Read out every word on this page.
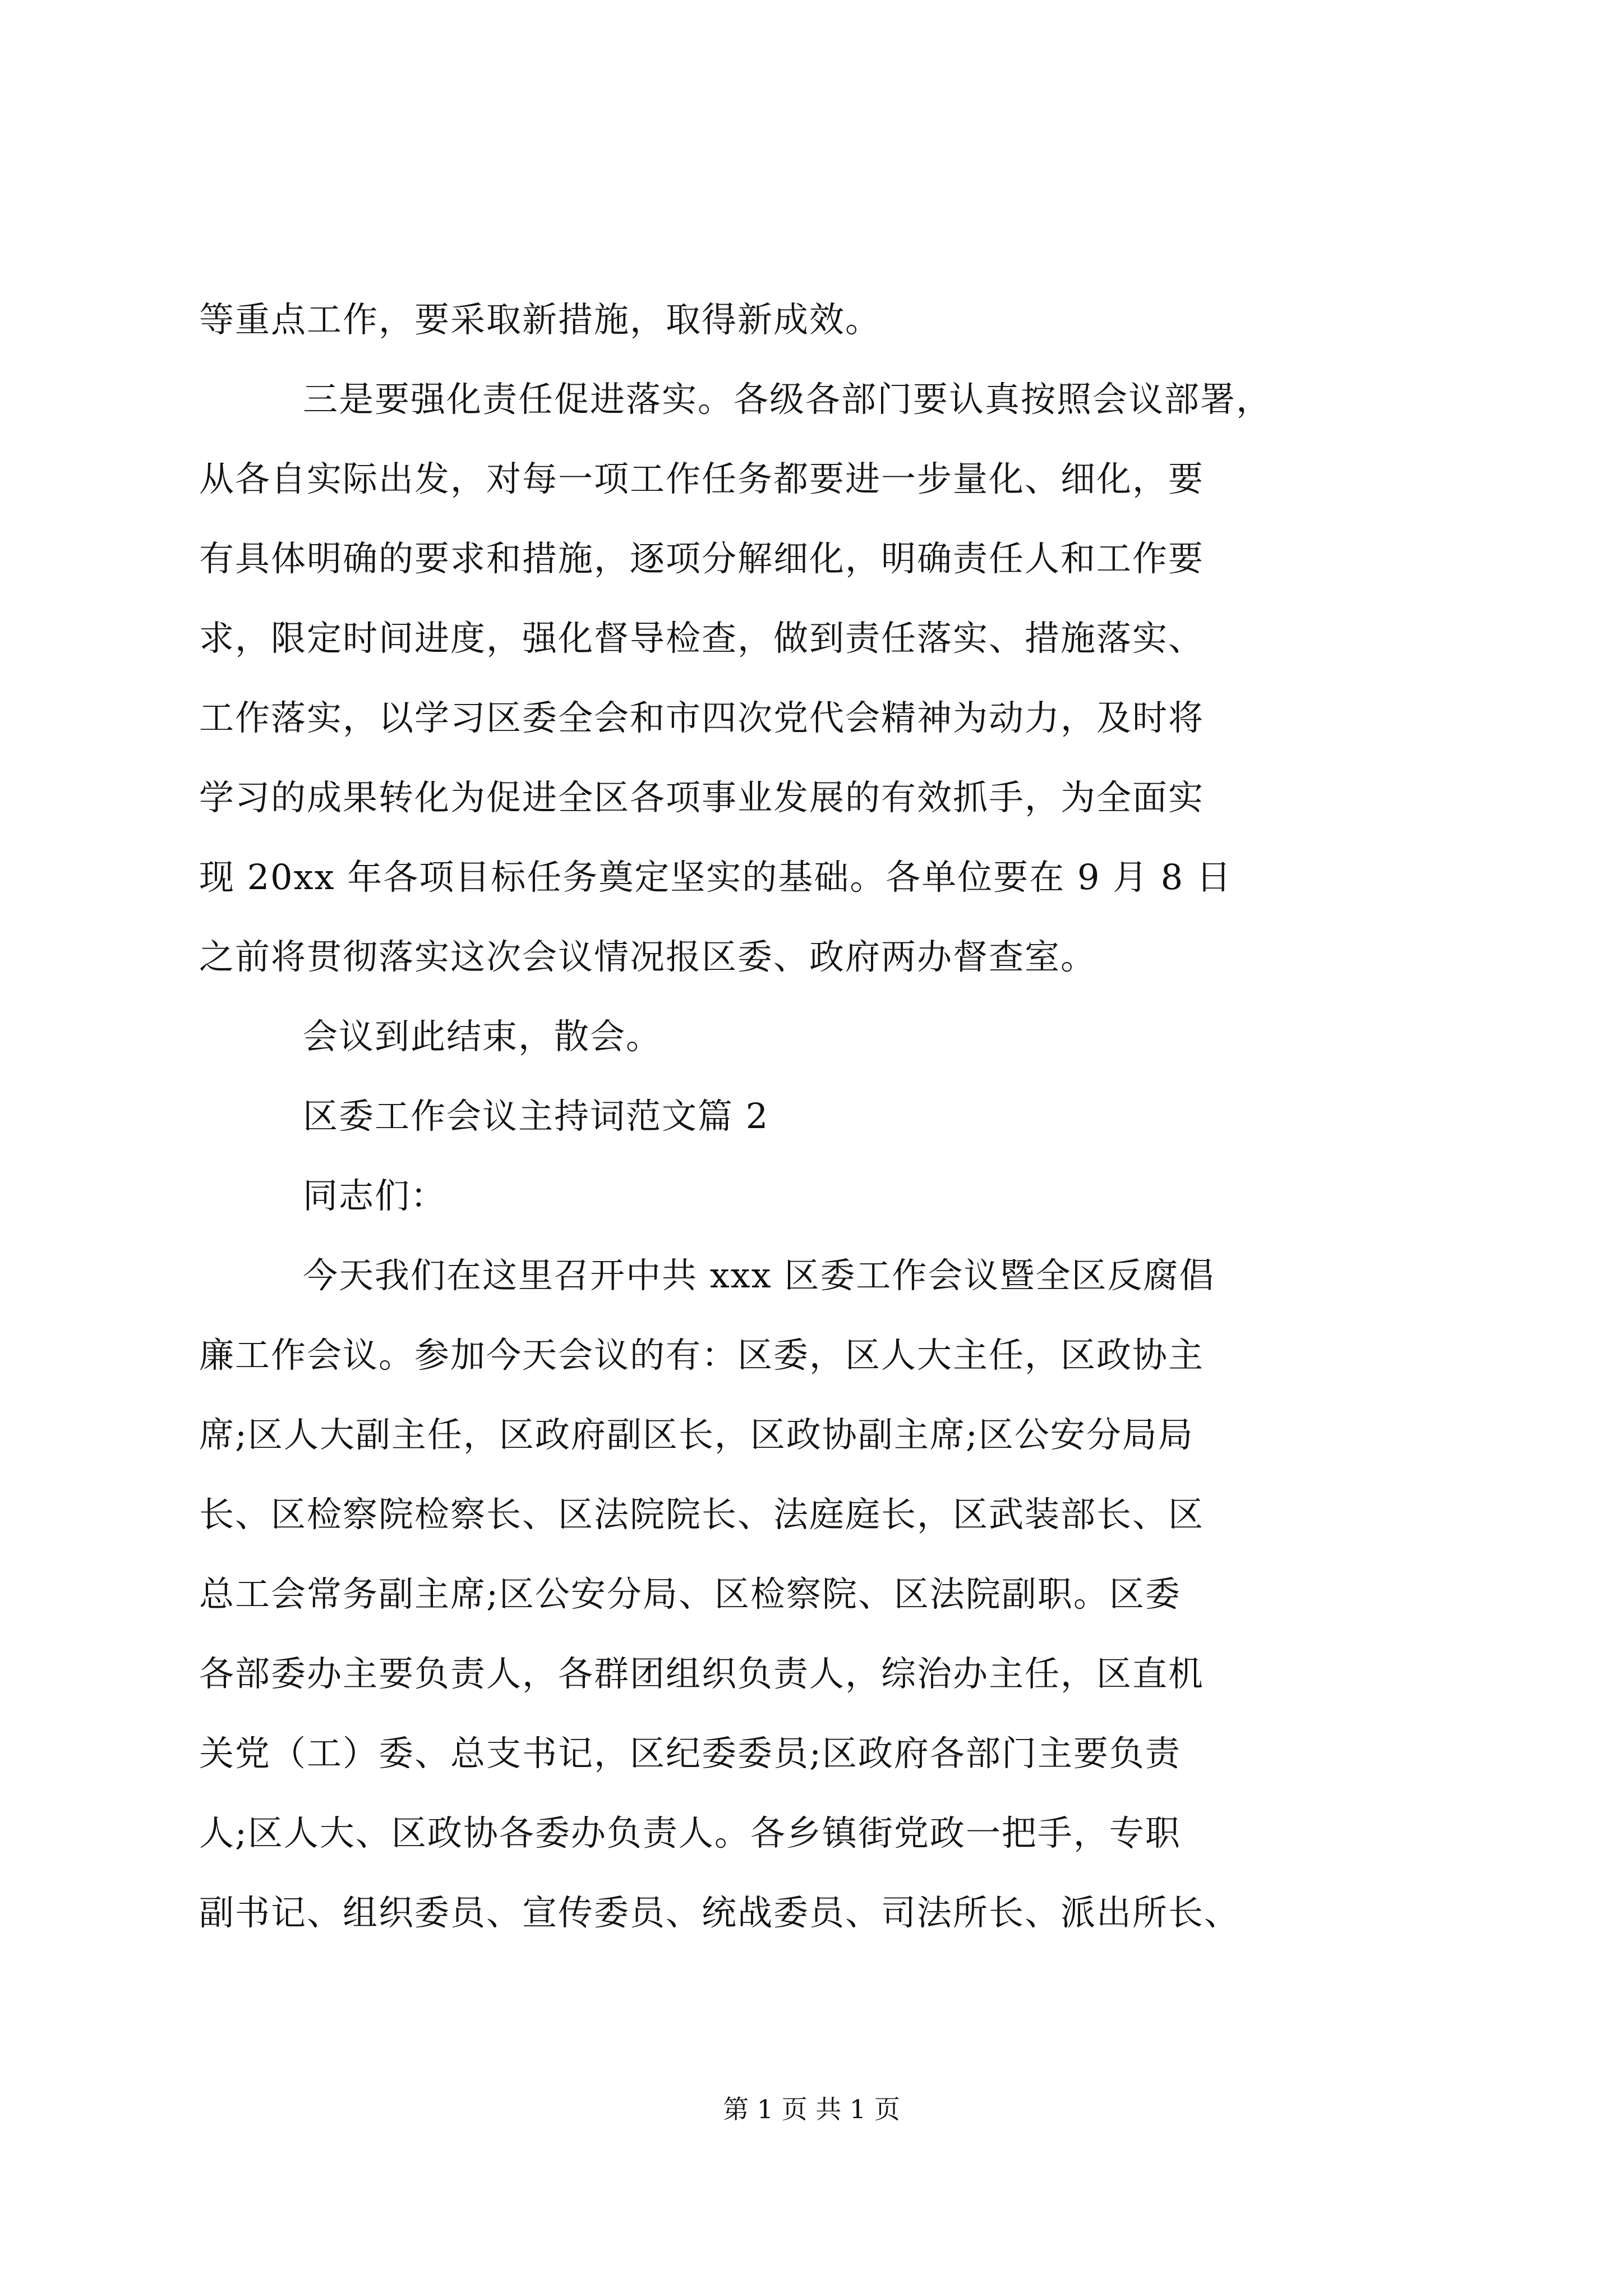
等重点工作，要采取新措施，取得新成效。
三是要强化责任促进落实。各级各部门要认真按照会议部署，
从各自实际出发，对每一项工作任务都要进一步量化、细化，要
有具体明确的要求和措施，逐项分解细化，明确责任人和工作要
求，限定时间进度，强化督导检查，做到责任落实、措施落实、
工作落实，以学习区委全会和市四次党代会精神为动力，及时将
学习的成果转化为促进全区各项事业发展的有效抓手，为全面实
现 20xx 年各项目标任务奠定坚实的基础。各单位要在 9 月 8 日
之前将贯彻落实这次会议情况报区委、政府两办督查室。
会议到此结束，散会。
区委工作会议主持词范文篇 2
同志们：
今天我们在这里召开中共 xxx 区委工作会议暨全区反腐倡
廉工作会议。参加今天会议的有：区委，区人大主任，区政协主
席;区人大副主任，区政府副区长，区政协副主席;区公安分局局
长、区检察院检察长、区法院院长、法庭庭长，区武装部长、区
总工会常务副主席;区公安分局、区检察院、区法院副职。区委
各部委办主要负责人，各群团组织负责人，综治办主任，区直机
关党（工）委、总支书记，区纪委委员;区政府各部门主要负责
人;区人大、区政协各委办负责人。各乡镇街党政一把手，专职
副书记、组织委员、宣传委员、统战委员、司法所长、派出所长、
第 1 页 共 1 页
